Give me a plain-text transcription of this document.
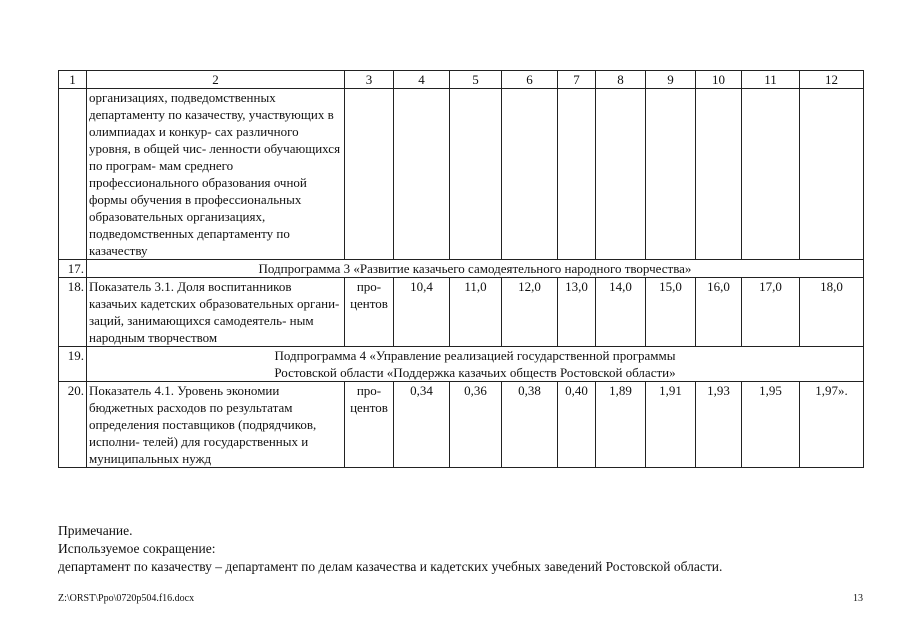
1	2	3	4	5	6	7	8	9	10	11	12
	организациях, подведомственных департаменту по казачеству, участвующих в олимпиадах и конкур- сах различного уровня, в общей чис- ленности обучающихся по програм- мам среднего профессионального образования очной формы обучения в профессиональных образовательных организациях, подведомственных департаменту по казачеству										
17.	Подпрограмма 3 «Развитие казачьего самодеятельного народного творчества»										
18.	Показатель 3.1. Доля воспитанников казачьих кадетских образовательных органи- заций, занимающихся самодеятель- ным народным творчеством	про- центов	10,4	11,0	12,0	13,0	14,0	15,0	16,0	17,0	18,0
19.	Подпрограмма 4 «Управление реализацией государственной программы
Ростовской области «Поддержка казачьих обществ Ростовской области»										

20.	Показатель 4.1. Уровень экономии бюджетных расходов по результатам определения поставщиков (подрядчиков, исполни- телей) для государственных и муниципальных нужд	про- центов	0,34	0,36	0,38	0,40	1,89	1,91	1,93	1,95	1,97».
Примечание.
Используемое сокращение:
департамент по казачеству – департамент по делам казачества и кадетских учебных заведений Ростовской области.
Z:\ORST\Ppo\0720p504.f16.docx	13
